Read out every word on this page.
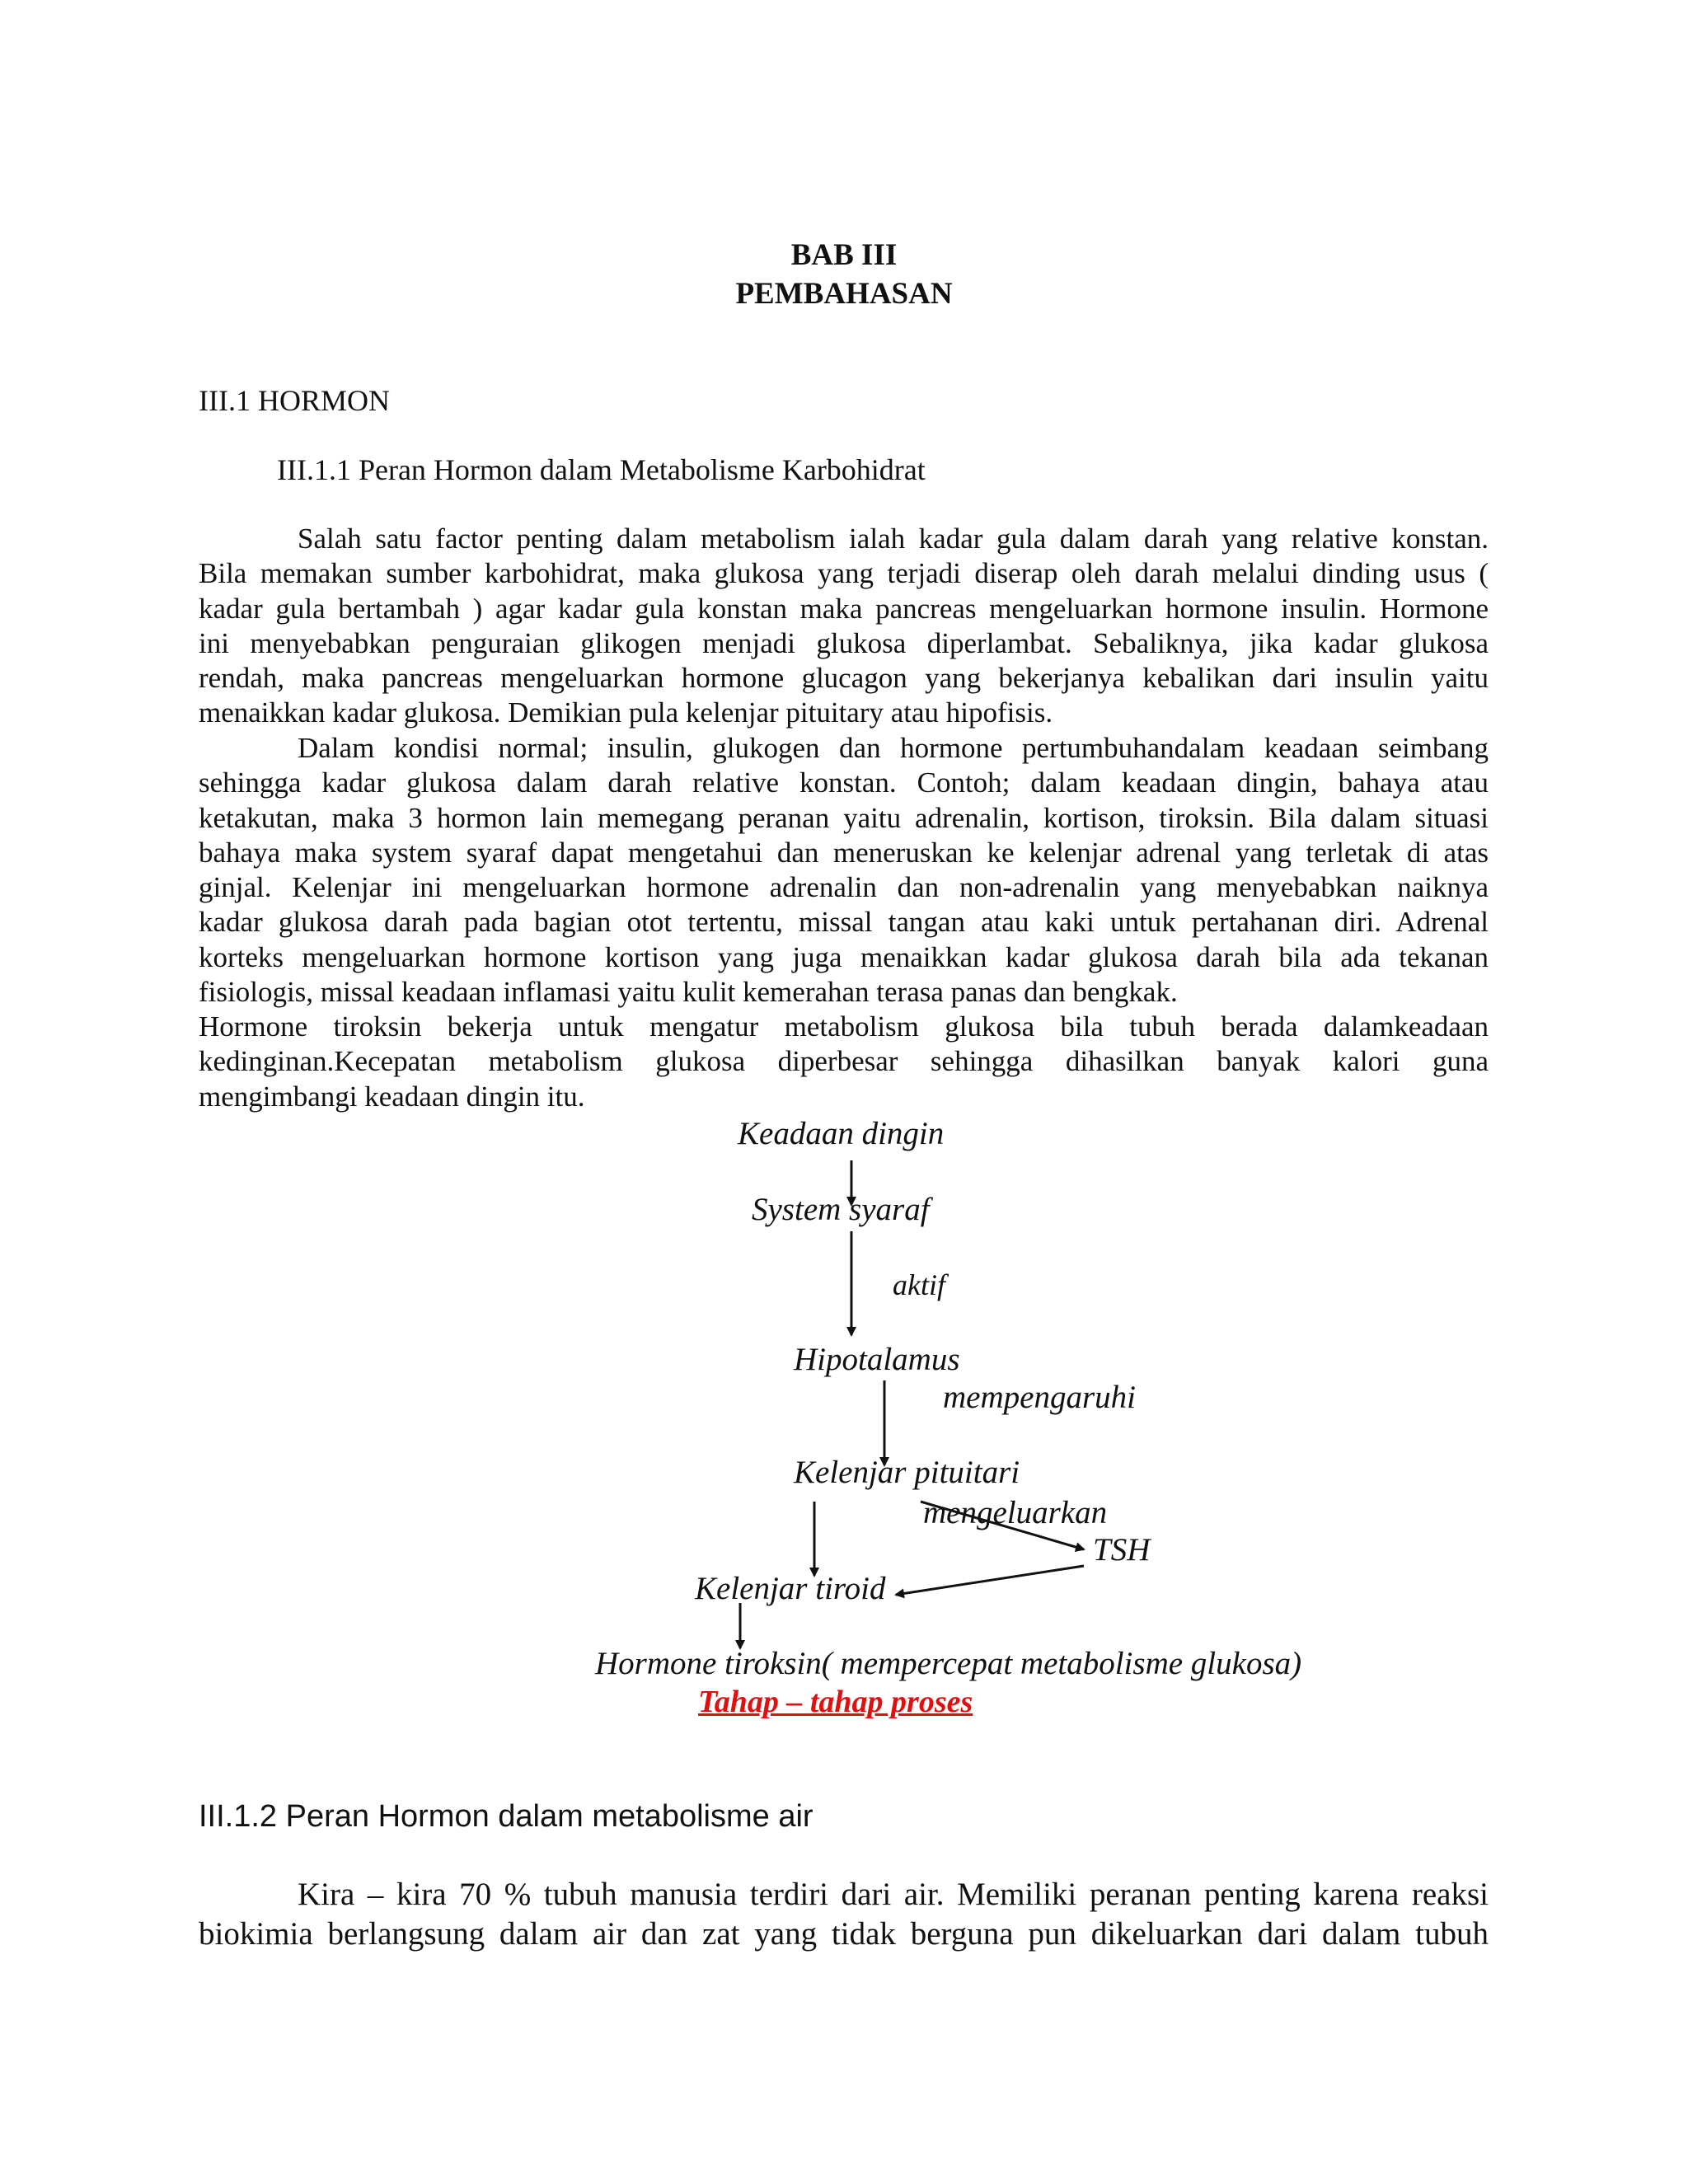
BAB III
PEMBAHASAN
III.1 HORMON
III.1.1 Peran Hormon dalam Metabolisme Karbohidrat
Salah satu factor penting dalam metabolism ialah kadar gula dalam darah yang relative konstan.
Bila memakan sumber karbohidrat, maka glukosa yang terjadi diserap oleh darah melalui dinding usus (
kadar gula bertambah ) agar kadar gula konstan maka pancreas mengeluarkan hormone insulin. Hormone
ini menyebabkan penguraian glikogen menjadi glukosa diperlambat. Sebaliknya, jika kadar glukosa
rendah, maka pancreas mengeluarkan hormone glucagon yang bekerjanya kebalikan dari insulin yaitu
menaikkan kadar glukosa. Demikian pula kelenjar pituitary atau hipofisis.
Dalam kondisi normal; insulin, glukogen dan hormone pertumbuhandalam keadaan seimbang
sehingga kadar glukosa dalam darah relative konstan. Contoh; dalam keadaan dingin, bahaya atau
ketakutan, maka 3 hormon lain memegang peranan yaitu adrenalin, kortison, tiroksin. Bila dalam situasi
bahaya maka system syaraf dapat mengetahui dan meneruskan ke kelenjar adrenal yang terletak di atas
ginjal. Kelenjar ini mengeluarkan hormone adrenalin dan non-adrenalin yang menyebabkan naiknya
kadar glukosa darah pada bagian otot tertentu, missal tangan atau kaki untuk pertahanan diri. Adrenal
korteks mengeluarkan hormone kortison yang juga menaikkan kadar glukosa darah bila ada tekanan
fisiologis, missal keadaan inflamasi yaitu kulit kemerahan terasa panas dan bengkak.
Hormone tiroksin bekerja untuk mengatur metabolism glukosa bila tubuh berada dalamkeadaan
kedinginan.Kecepatan metabolism glukosa diperbesar sehingga dihasilkan banyak kalori guna
mengimbangi keadaan dingin itu.
Keadaan dingin
System syaraf
aktif
Hipotalamus
mempengaruhi
Kelenjar pituitari
mengeluarkan
TSH
Kelenjar tiroid
Hormone tiroksin( mempercepat metabolisme glukosa)
Tahap – tahap proses
III.1.2 Peran Hormon dalam metabolisme air
Kira – kira 70 % tubuh manusia terdiri dari air. Memiliki peranan penting karena reaksi
biokimia berlangsung dalam air dan zat yang tidak berguna pun dikeluarkan dari dalam tubuh
